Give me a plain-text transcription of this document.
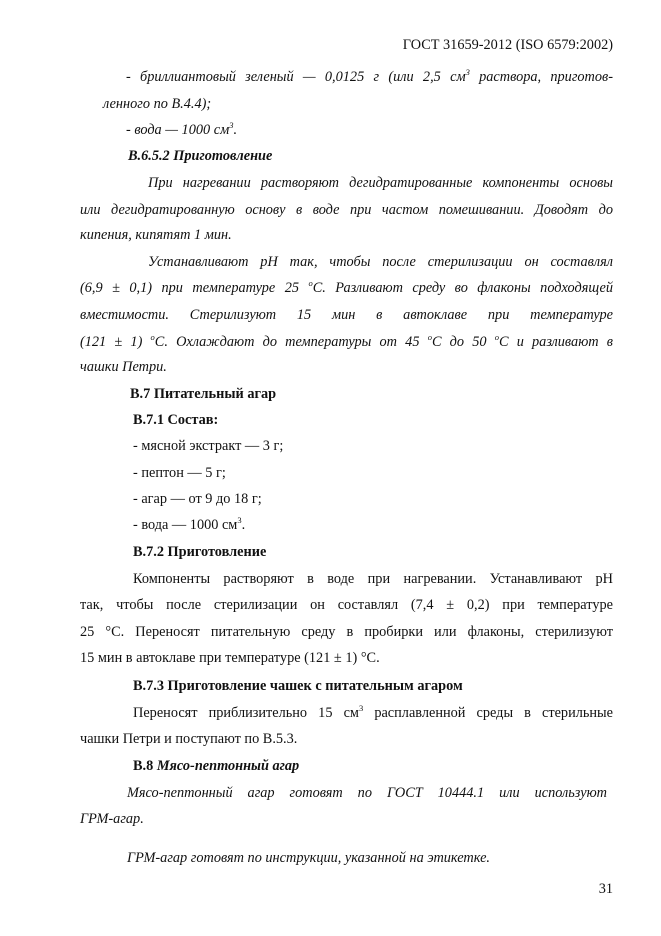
ГОСТ 31659-2012 (ISO 6579:2002)
- бриллиантовый зеленый — 0,0125 г (или 2,5 $см^3$ раствора, приготов-
ленного по В.4.4);
- вода — 1000 $см^3$.
В.6.5.2 Приготовление
При нагревании растворяют дегидратированные компоненты основы
или дегидратированную основу в воде при частом помешивании. Доводят до
кипения, кипятят 1 мин.
Устанавливают pH так, чтобы после стерилизации он составлял
(6,9 ± 0,1) при температуре 25 $^о$С. Разливают среду во флаконы подходящей
вместимости. Стерилизуют 15 мин в автоклаве при температуре
(121 ± 1) $^о$С. Охлаждают до температуры от 45 $^о$С до 50 $^о$С и разливают в
чашки Петри.
В.7 Питательный агар
В.7.1 Состав:
- мясной экстракт — 3 г;
- пептон — 5 г;
- агар — от 9 до 18 г;
- вода — 1000 $см^3$.
В.7.2 Приготовление
Компоненты растворяют в воде при нагревании. Устанавливают pH
так, чтобы после стерилизации он составлял (7,4 ± 0,2) при температуре
25 °С. Переносят питательную среду в пробирки или флаконы, стерилизуют
15 мин в автоклаве при температуре (121 ± 1) °С.
В.7.3 Приготовление чашек с питательным агаром
Переносят приблизительно 15 $см^3$ расплавленной среды в стерильные
чашки Петри и поступают по В.5.3.
В.8 Мясо-пептонный агар
Мясо-пептонный агар готовят по ГОСТ 10444.1 или используют
ГРМ-агар.
ГРМ-агар готовят по инструкции, указанной на этикетке.
31
